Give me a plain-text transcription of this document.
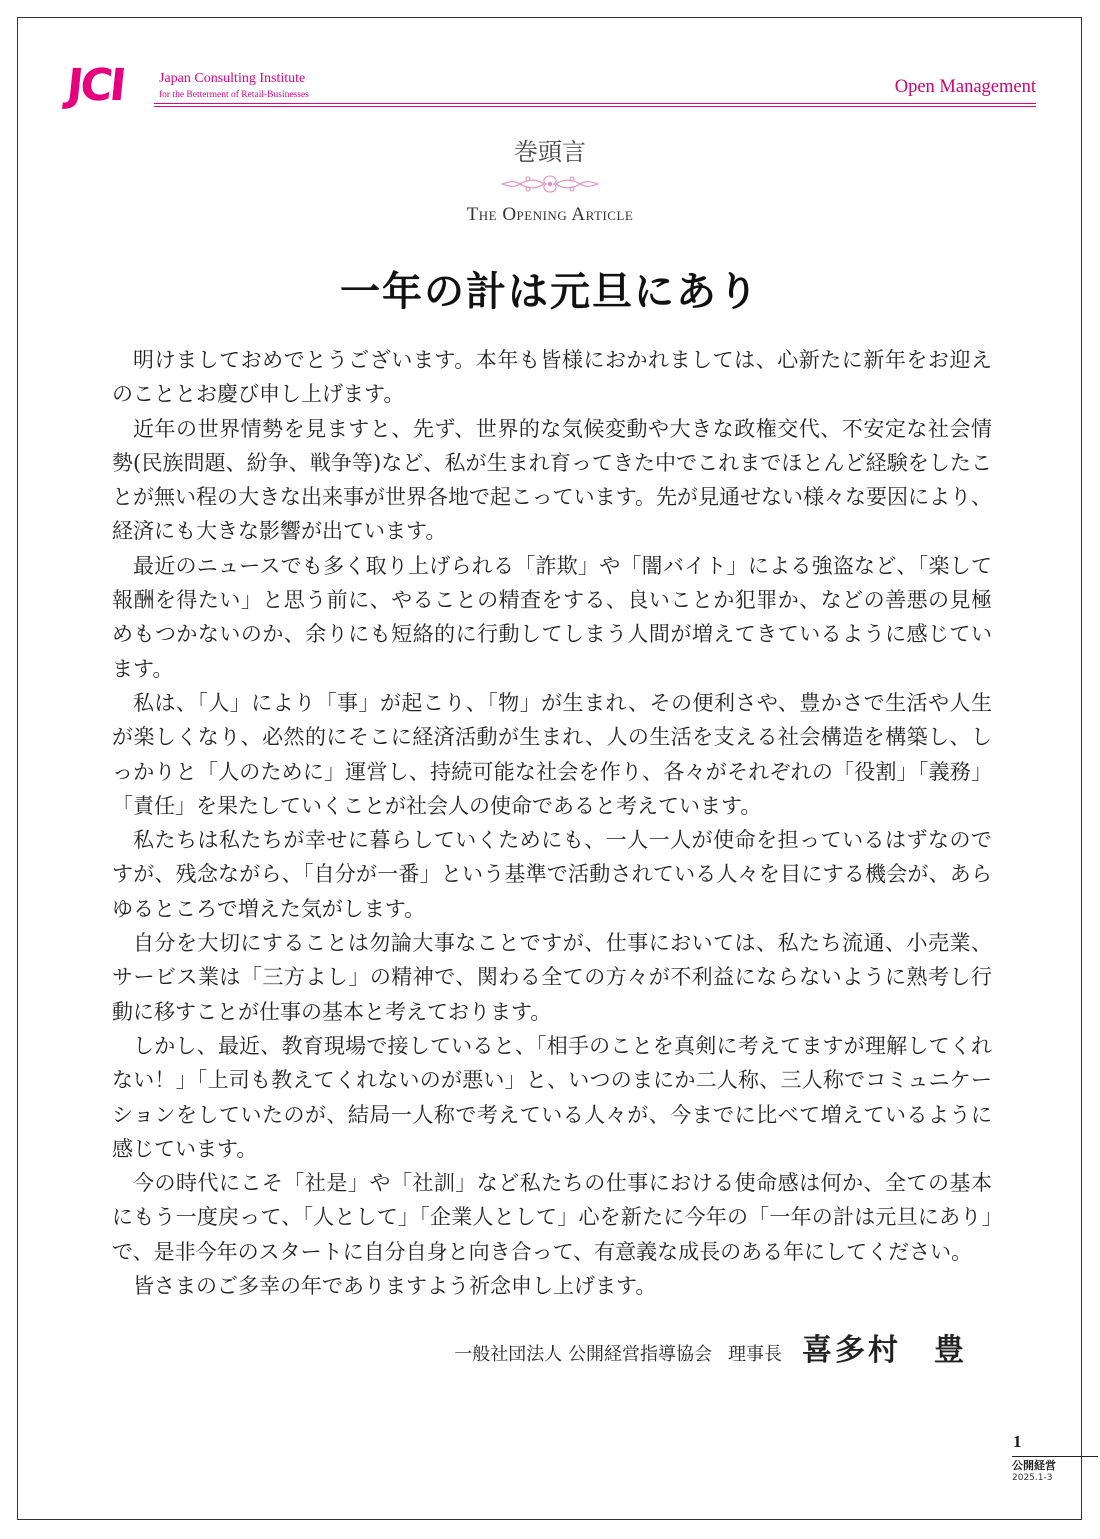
JCI Japan Consulting Institute
for the Betterment of Retail-Businesses	Open Management
巻頭言
The Opening Article
一年の計は元旦にあり

明けましておめでとうございます。本年も皆様におかれましては、心新たに新年をお迎えのこととお慶び申し上げます。

近年の世界情勢を見ますと、先ず、世界的な気候変動や大きな政権交代、不安定な社会情勢(民族問題、紛争、戦争等)など、私が生まれ育ってきた中でこれまでほとんど経験をしたことが無い程の大きな出来事が世界各地で起こっています。先が見通せない様々な要因により、経済にも大きな影響が出ています。

最近のニュースでも多く取り上げられる「詐欺」や「闇バイト」による強盗など、「楽して報酬を得たい」と思う前に、やることの精査をする、良いことか犯罪か、などの善悪の見極めもつかないのか、余りにも短絡的に行動してしまう人間が増えてきているように感じています。

私は、「人」により「事」が起こり、「物」が生まれ、その便利さや、豊かさで生活や人生が楽しくなり、必然的にそこに経済活動が生まれ、人の生活を支える社会構造を構築し、しっかりと「人のために」運営し、持続可能な社会を作り、各々がそれぞれの「役割」「義務」「責任」を果たしていくことが社会人の使命であると考えています。

私たちは私たちが幸せに暮らしていくためにも、一人一人が使命を担っているはずなのですが、残念ながら、「自分が一番」という基準で活動されている人々を目にする機会が、あらゆるところで増えた気がします。

自分を大切にすることは勿論大事なことですが、仕事においては、私たち流通、小売業、サービス業は「三方よし」の精神で、関わる全ての方々が不利益にならないように熟考し行動に移すことが仕事の基本と考えております。

しかし、最近、教育現場で接していると、「相手のことを真剣に考えてますが理解してくれない！」「上司も教えてくれないのが悪い」と、いつのまにか二人称、三人称でコミュニケーションをしていたのが、結局一人称で考えている人々が、今までに比べて増えているように感じています。

今の時代にこそ「社是」や「社訓」など私たちの仕事における使命感は何か、全ての基本にもう一度戻って、「人として」「企業人として」心を新たに今年の「一年の計は元旦にあり」で、是非今年のスタートに自分自身と向き合って、有意義な成長のある年にしてください。

皆さまのご多幸の年でありますよう祈念申し上げます。

一般社団法人 公開経営指導協会 理事長 喜多村　豊
1
公開経営
2025.1-3
